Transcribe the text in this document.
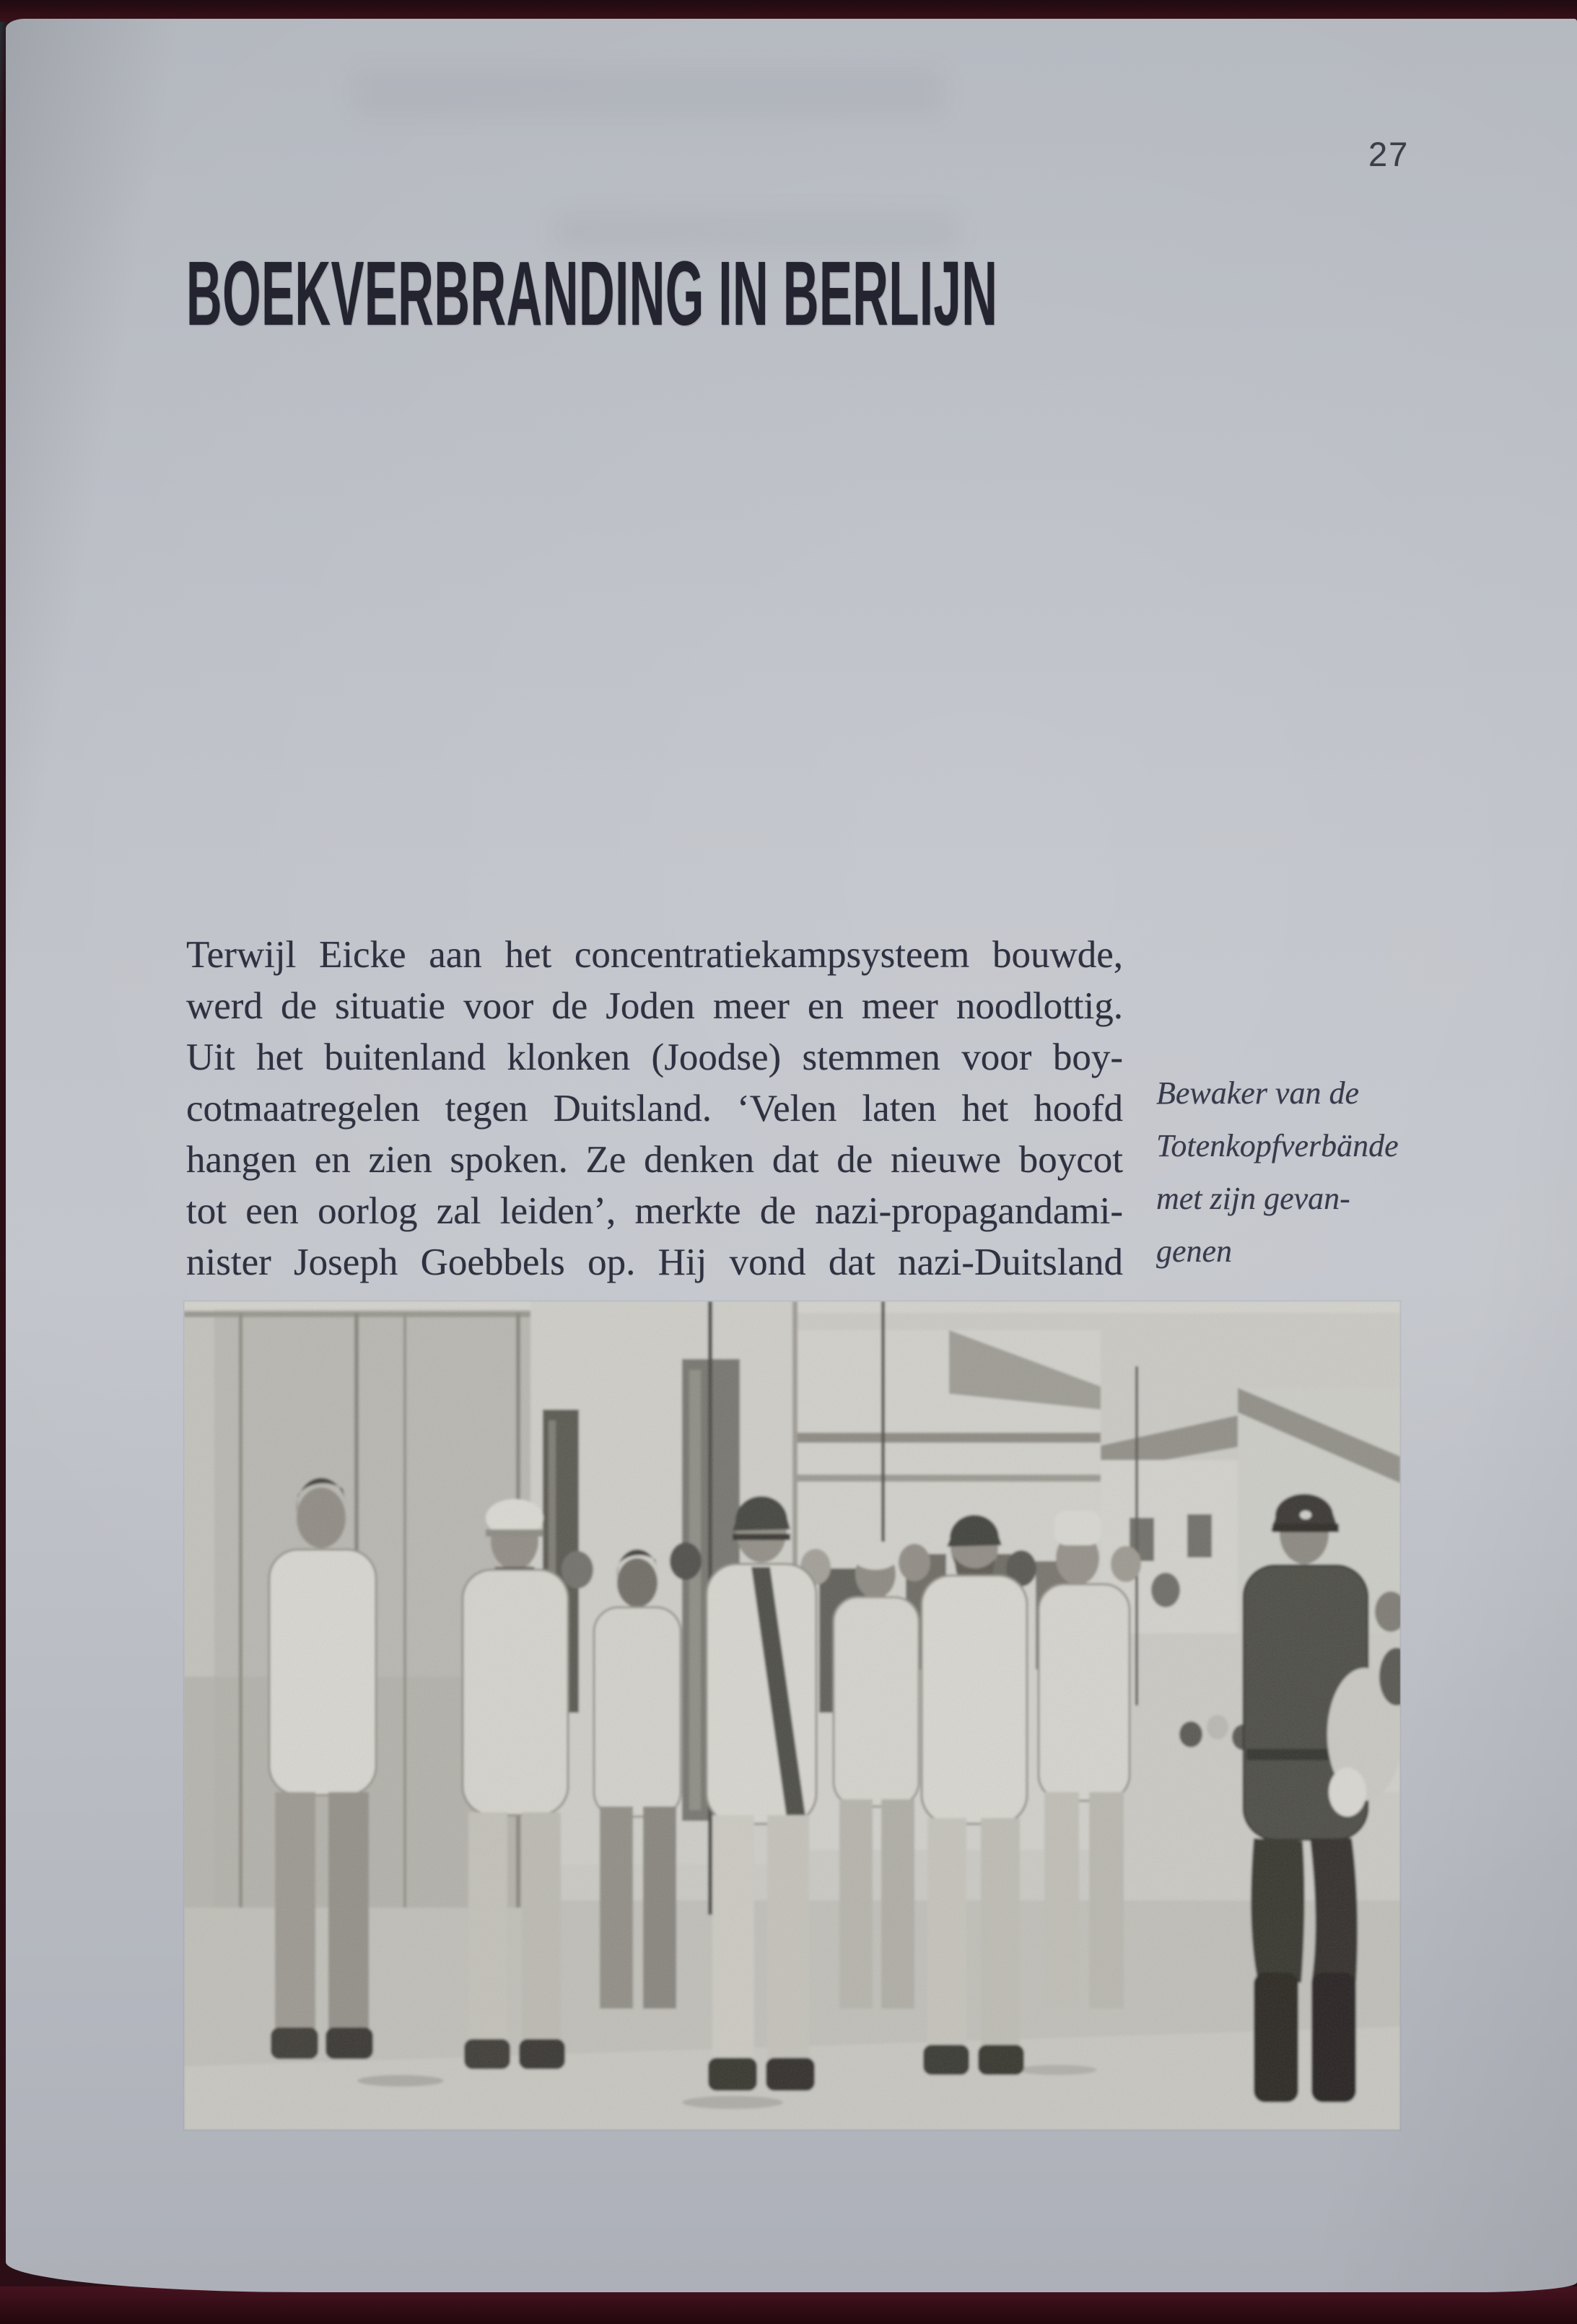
27
BOEKVERBRANDING IN BERLIJN
Terwijl Eicke aan het concentratiekampsysteem bouwde,
werd de situatie voor de Joden meer en meer noodlottig.
Uit het buitenland klonken (Joodse) stemmen voor boy-
cotmaatregelen tegen Duitsland. ‘Velen laten het hoofd
hangen en zien spoken. Ze denken dat de nieuwe boycot
tot een oorlog zal leiden’, merkte de nazi-propagandami-
nister Joseph Goebbels op. Hij vond dat nazi-Duitsland
Bewaker van de
Totenkopfverbände
met zijn gevan-
genen
